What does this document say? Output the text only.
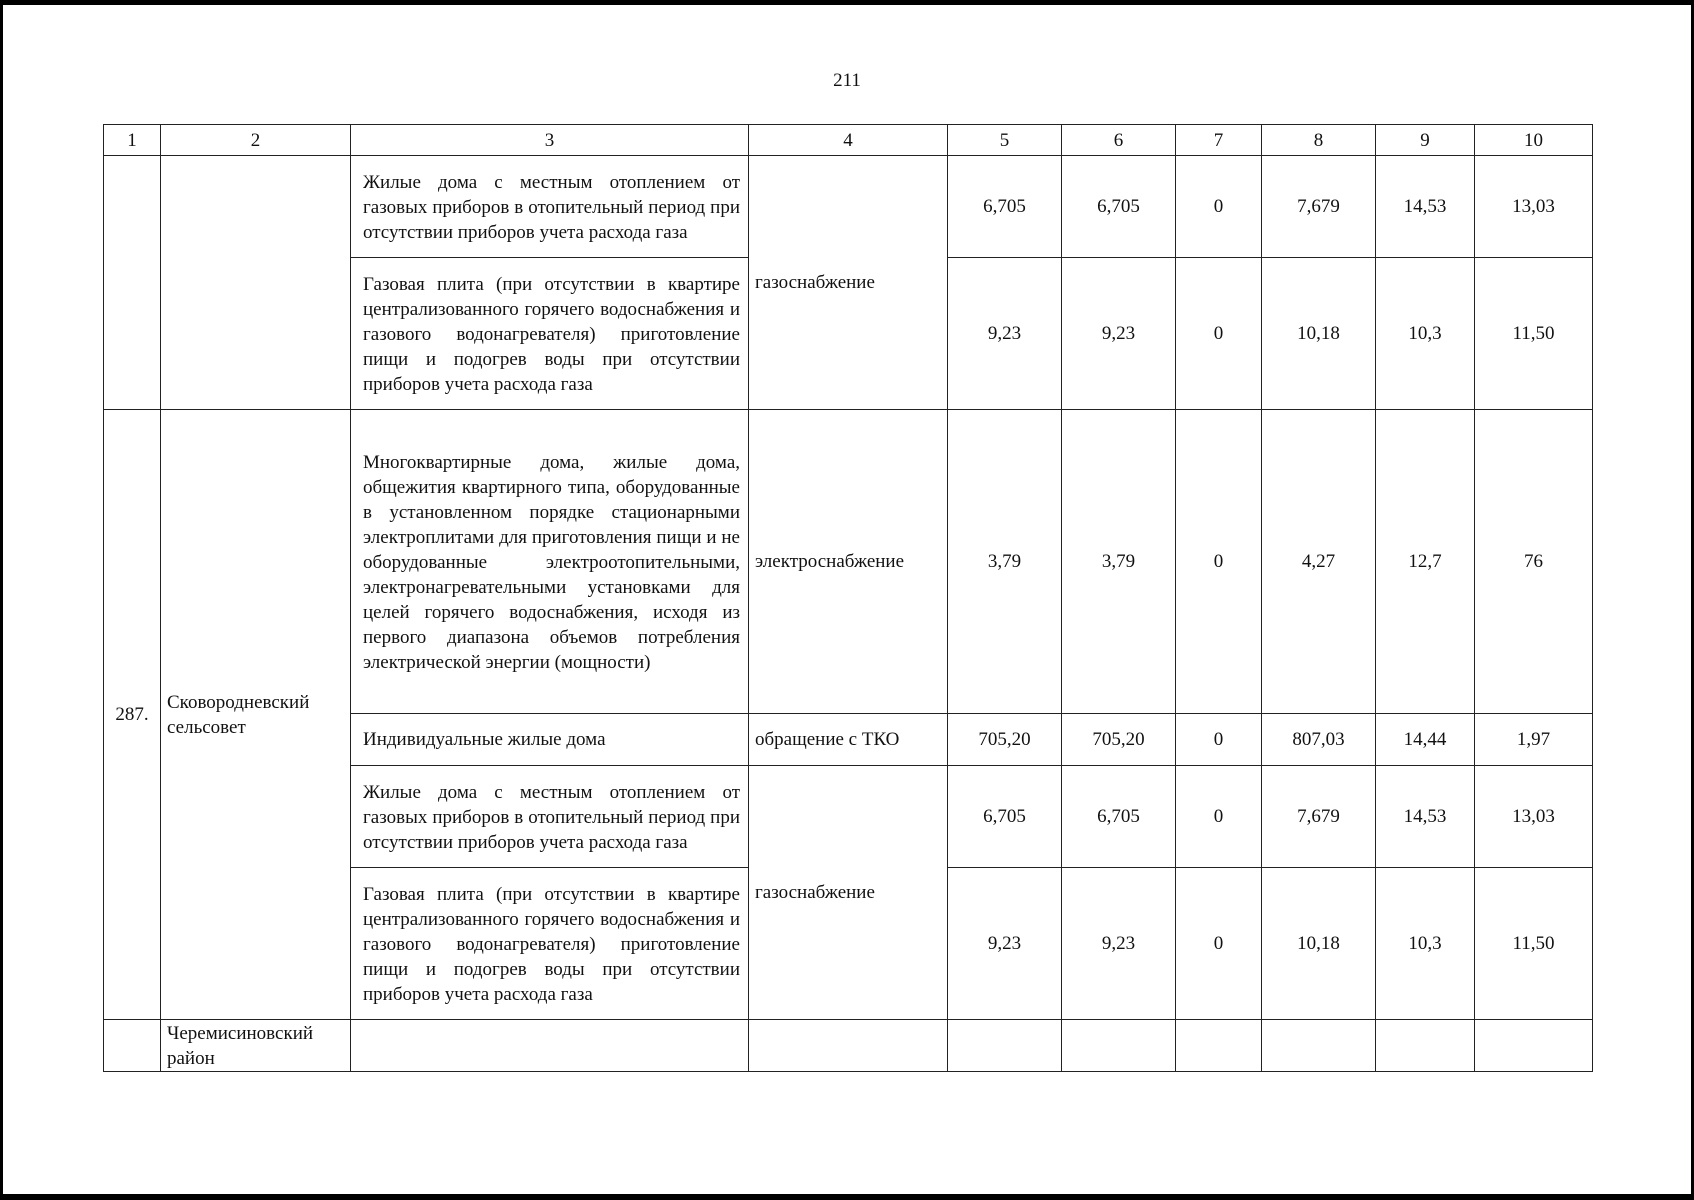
211
1	2	3	4	5	6	7	8	9	10
		Жилые дома с местным отоплением от газовых приборов в отопительный период при отсутствии приборов учета расхода газа	газоснабжение	6,705	6,705	0	7,679	14,53	13,03
		Газовая плита (при отсутствии в квартире централизованного горячего водоснабжения и газового водонагревателя) приготовление пищи и подогрев воды при отсутствии приборов учета расхода газа		9,23	9,23	0	10,18	10,3	11,50
287.	Сковородневский сельсовет	Многоквартирные дома, жилые дома, общежития квартирного типа, оборудованные в установленном порядке стационарными электроплитами для приготовления пищи и не оборудованные электроотопительными, электронагревательными установками для целей горячего водоснабжения, исходя из первого диапазона объемов потребления электрической энергии (мощности)	электроснабжение	3,79	3,79	0	4,27	12,7	76
		Индивидуальные жилые дома	обращение с ТКО	705,20	705,20	0	807,03	14,44	1,97
		Жилые дома с местным отоплением от газовых приборов в отопительный период при отсутствии приборов учета расхода газа	газоснабжение	6,705	6,705	0	7,679	14,53	13,03
		Газовая плита (при отсутствии в квартире централизованного горячего водоснабжения и газового водонагревателя) приготовление пищи и подогрев воды при отсутствии приборов учета расхода газа		9,23	9,23	0	10,18	10,3	11,50
	Черемисиновский район								
